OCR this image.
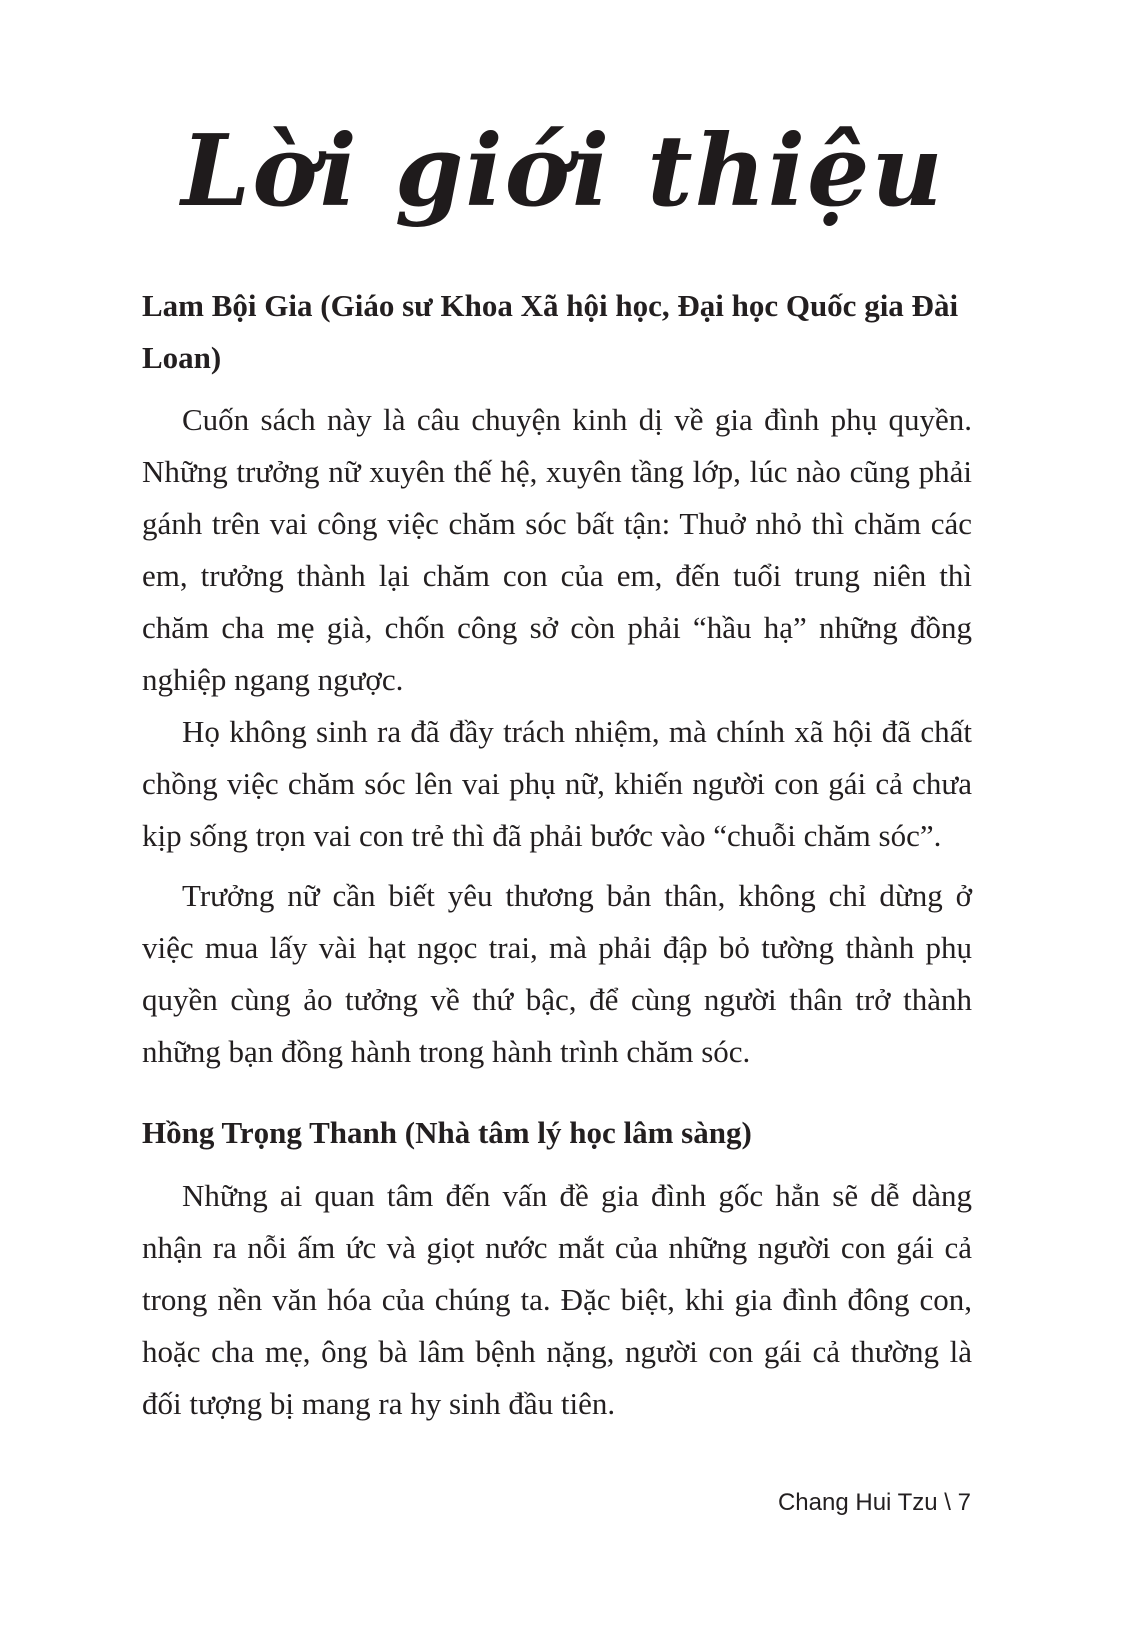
Lời giới thiệu
Lam Bội Gia (Giáo sư Khoa Xã hội học, Đại học Quốc gia Đài Loan)

Cuốn sách này là câu chuyện kinh dị về gia đình phụ quyền. Những trưởng nữ xuyên thế hệ, xuyên tầng lớp, lúc nào cũng phải gánh trên vai công việc chăm sóc bất tận: Thuở nhỏ thì chăm các em, trưởng thành lại chăm con của em, đến tuổi trung niên thì chăm cha mẹ già, chốn công sở còn phải “hầu hạ” những đồng nghiệp ngang ngược.

Họ không sinh ra đã đầy trách nhiệm, mà chính xã hội đã chất chồng việc chăm sóc lên vai phụ nữ, khiến người con gái cả chưa kịp sống trọn vai con trẻ thì đã phải bước vào “chuỗi chăm sóc”.

Trưởng nữ cần biết yêu thương bản thân, không chỉ dừng ở việc mua lấy vài hạt ngọc trai, mà phải đập bỏ tường thành phụ quyền cùng ảo tưởng về thứ bậc, để cùng người thân trở thành những bạn đồng hành trong hành trình chăm sóc.

Hồng Trọng Thanh (Nhà tâm lý học lâm sàng)

Những ai quan tâm đến vấn đề gia đình gốc hẳn sẽ dễ dàng nhận ra nỗi ấm ức và giọt nước mắt của những người con gái cả trong nền văn hóa của chúng ta. Đặc biệt, khi gia đình đông con, hoặc cha mẹ, ông bà lâm bệnh nặng, người con gái cả thường là đối tượng bị mang ra hy sinh đầu tiên.

Chang Hui Tzu \ 7
